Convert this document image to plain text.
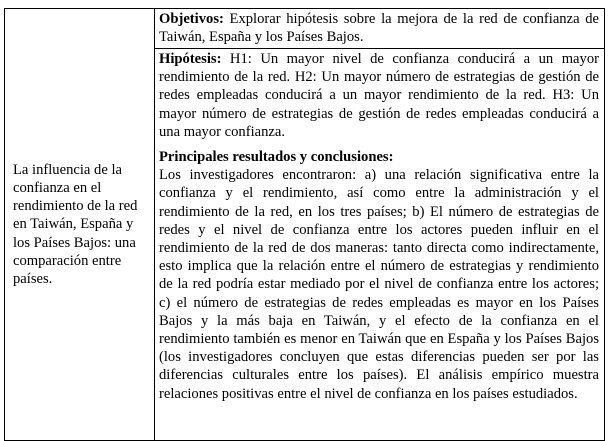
La influencia de la confianza en el rendimiento de la red en Taiwán, España y los Países Bajos: una comparación entre países.	

Objetivos: Explorar hipótesis sobre la mejora de la red de confianza de Taiwán, España y los Países Bajos.

Hipótesis: H1: Un mayor nivel de confianza conducirá a un mayor rendimiento de la red. H2: Un mayor número de estrategias de gestión de redes empleadas conducirá a un mayor rendimiento de la red. H3: Un mayor número de estrategias de gestión de redes empleadas conducirá a una mayor confianza.

Principales resultados y conclusiones:

Los investigadores encontraron: a) una relación significativa entre la confianza y el rendimiento, así como entre la administración y el rendimiento de la red, en los tres países; b) El número de estrategias de redes y el nivel de confianza entre los actores pueden influir en el rendimiento de la red de dos maneras: tanto directa como indirectamente, esto implica que la relación entre el número de estrategias y rendimiento de la red podría estar mediado por el nivel de confianza entre los actores; c) el número de estrategias de redes empleadas es mayor en los Países Bajos y la más baja en Taiwán, y el efecto de la confianza en el rendimiento también es menor en Taiwán que en España y los Países Bajos (los investigadores concluyen que estas diferencias pueden ser por las diferencias culturales entre los países). El análisis empírico muestra relaciones positivas entre el nivel de confianza en los países estudiados.
